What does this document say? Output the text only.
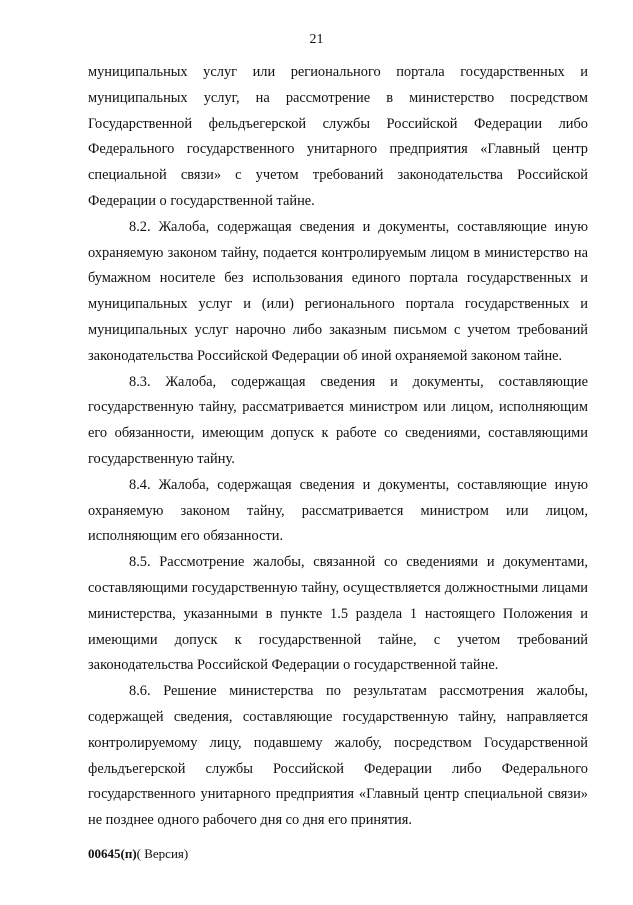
21

муниципальных услуг или регионального портала государственных и муниципальных услуг, на рассмотрение в министерство посредством Государственной фельдъегерской службы Российской Федерации либо Федерального государственного унитарного предприятия «Главный центр специальной связи» с учетом требований законодательства Российской Федерации о государственной тайне.

8.2. Жалоба, содержащая сведения и документы, составляющие иную охраняемую законом тайну, подается контролируемым лицом в министерство на бумажном носителе без использования единого портала государственных и муниципальных услуг и (или) регионального портала государственных и муниципальных услуг нарочно либо заказным письмом с учетом требований законодательства Российской Федерации об иной охраняемой законом тайне.

8.3. Жалоба, содержащая сведения и документы, составляющие государственную тайну, рассматривается министром или лицом, исполняющим его обязанности, имеющим допуск к работе со сведениями, составляющими государственную тайну.

8.4. Жалоба, содержащая сведения и документы, составляющие иную охраняемую законом тайну, рассматривается министром или лицом, исполняющим его обязанности.

8.5. Рассмотрение жалобы, связанной со сведениями и документами, составляющими государственную тайну, осуществляется должностными лицами министерства, указанными в пункте 1.5 раздела 1 настоящего Положения и имеющими допуск к государственной тайне, с учетом требований законодательства Российской Федерации о государственной тайне.

8.6. Решение министерства по результатам рассмотрения жалобы, содержащей сведения, составляющие государственную тайну, направляется контролируемому лицу, подавшему жалобу, посредством Государственной фельдъегерской службы Российской Федерации либо Федерального государственного унитарного предприятия «Главный центр специальной связи» не позднее одного рабочего дня со дня его принятия.

00645(п)( Версия)
